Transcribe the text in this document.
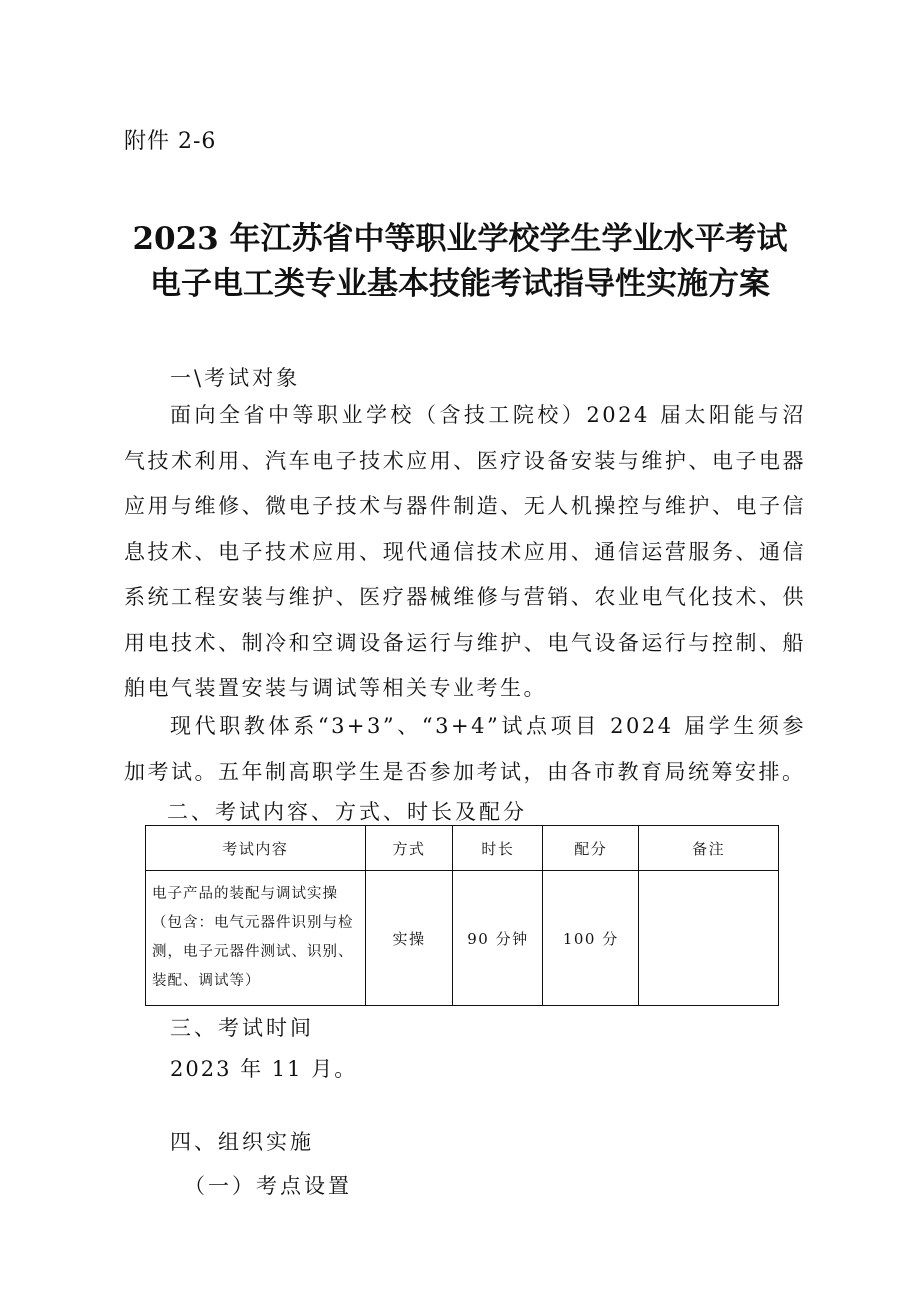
附件 2-6
2023 年江苏省中等职业学校学生学业水平考试
电子电工类专业基本技能考试指导性实施方案
一\考试对象
面向全省中等职业学校（含技工院校）2024 届太阳能与沼气技术利用、汽车电子技术应用、医疗设备安装与维护、电子电器应用与维修、微电子技术与器件制造、无人机操控与维护、电子信息技术、电子技术应用、现代通信技术应用、通信运营服务、通信系统工程安装与维护、医疗器械维修与营销、农业电气化技术、供用电技术、制冷和空调设备运行与维护、电气设备运行与控制、船舶电气装置安装与调试等相关专业考生。
现代职教体系“3+3”、“3+4”试点项目 2024 届学生须参加考试。五年制高职学生是否参加考试，由各市教育局统筹安排。
二、考试内容、方式、时长及配分
考试内容	方式	时长	配分	备注
电子产品的装配与调试实操（包含：电气元器件识别与检测，电子元器件测试、识别、装配、调试等）	实操	90 分钟	100 分	
三、考试时间
2023 年 11 月。
四、组织实施
（一）考点设置
